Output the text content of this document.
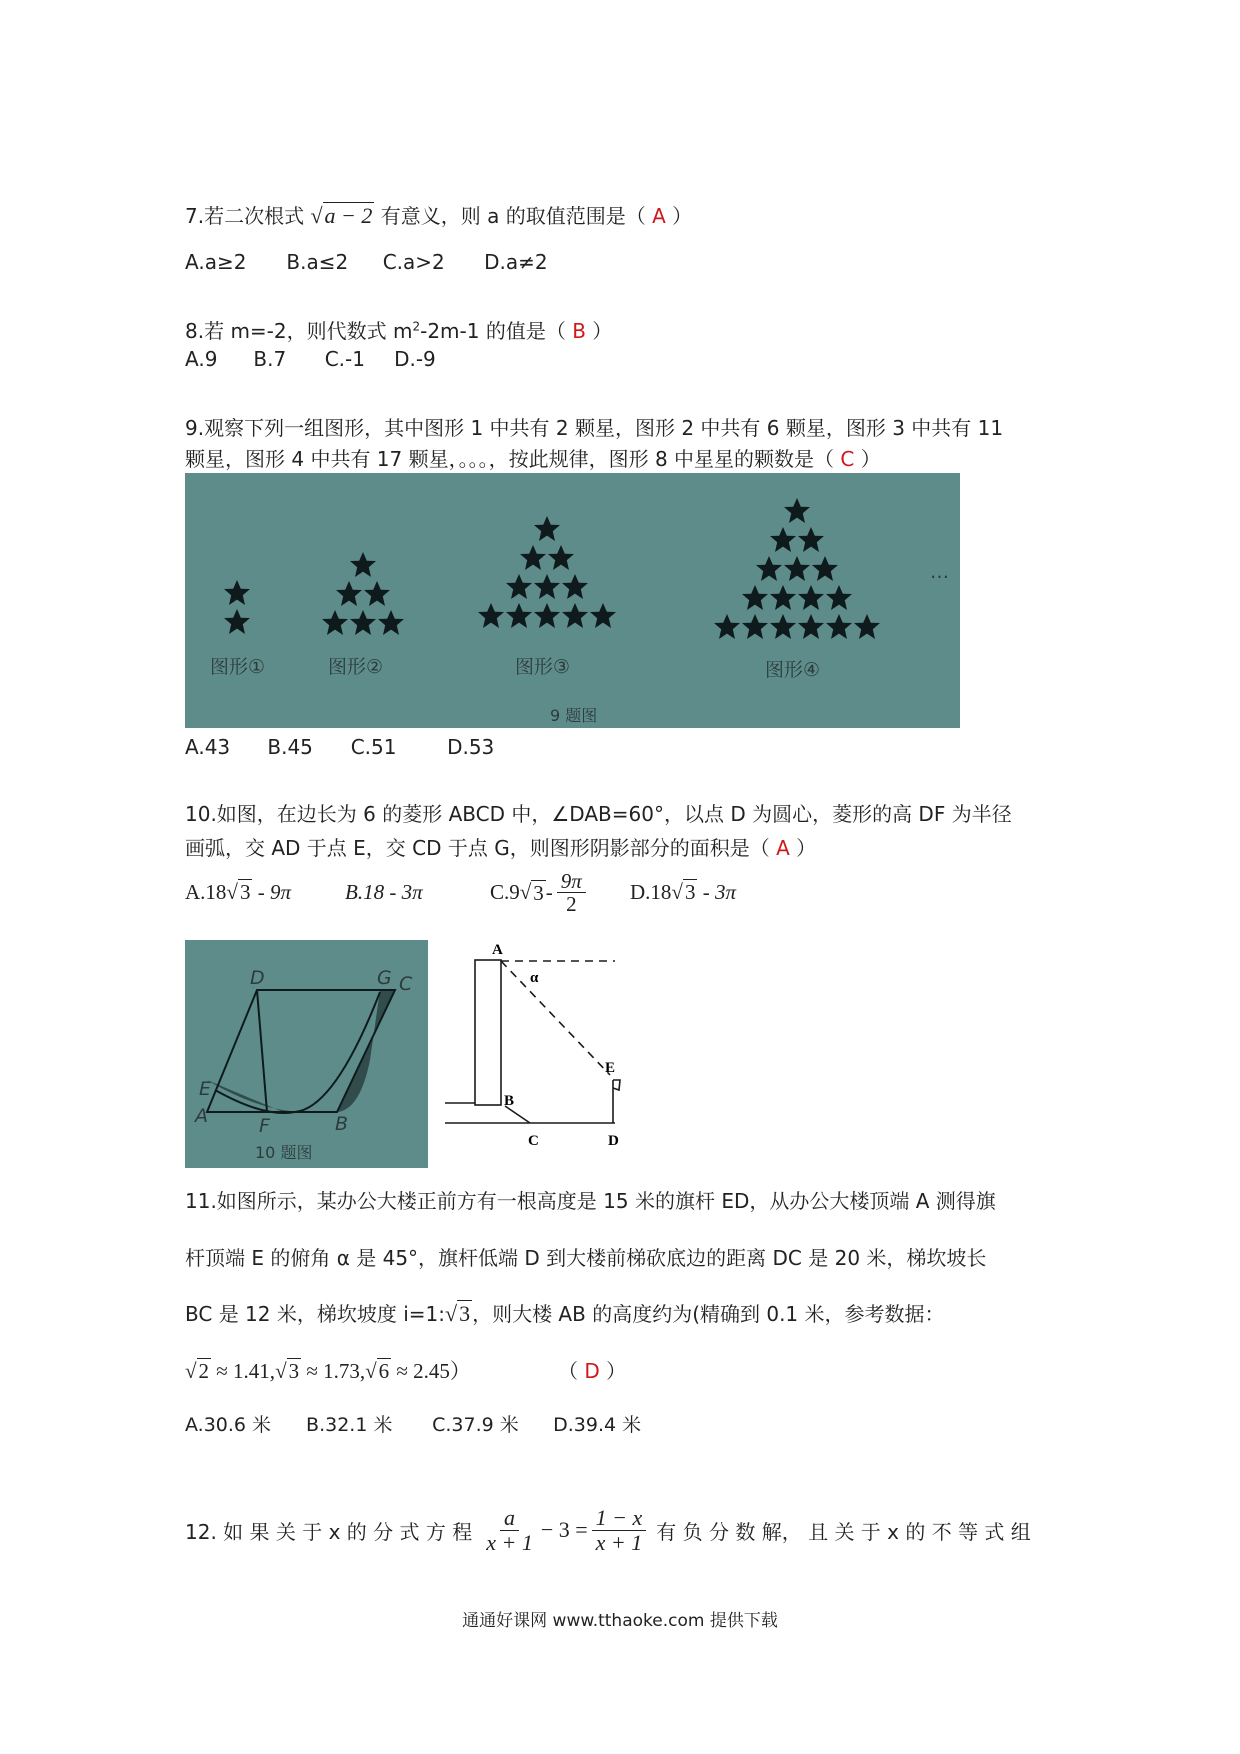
7.若二次根式 √a − 2 有意义，则 a 的取值范围是（ A ）
A.a≥2 B.a≤2 C.a>2 D.a≠2
8.若 m=-2，则代数式 $m^2-2m-1$ 的值是（ B ）
A.9 B.7 C.-1 D.-9
9.观察下列一组图形，其中图形 1 中共有 2 颗星，图形 2 中共有 6 颗星，图形 3 中共有 11
颗星，图形 4 中共有 17 颗星，。。。，按此规律，图形 8 中星星的颗数是（ C ）
图形①	图形②	图形③	图形④
…
9 题图
A.43 B.45 C.51	D.53
10.如图，在边长为 6 的菱形 ABCD 中，∠DAB=60°，以点 D 为圆心，菱形的高 DF 为半径
画弧，交 AD 于点 E，交 CD 于点 G，则图形阴影部分的面积是（ A ）
A.18√3 - 9π	B.18 - 3π	C. 9 √ $3 - \frac{9\pi}{2} D.18√3 - 3\pi$
A	B
C
D
E
F
G
10 题图
A
α
E
B
C	D
11.如图所示，某办公大楼正前方有一根高度是 15 米的旗杆 ED，从办公大楼顶端 A 测得旗
杆顶端 E 的俯角 α 是 45°，旗杆低端 D 到大楼前梯砍底边的距离 DC 是 20 米，梯坎坡长
BC 是 12 米，梯坎坡度 i=1:√3 ，则大楼 AB 的高度约为(精确到 0.1 米，参考数据：
√2 ≈ 1.41,√3 ≈ 1.73,√6 ≈ 2.45）	（ D ）
A.30.6 米 B.32.1 米 C.37.9 米 D.39.4 米
12. 如 果 关 于 x 的 分 式 方 程 $\frac{a}{x + 1} - 3 = \frac{1 - x}{x + 1}$ 有 负 分 数 解， 且 关 于 x 的 不 等 式 组
通通好课网 www.tthaoke.com 提供下载
